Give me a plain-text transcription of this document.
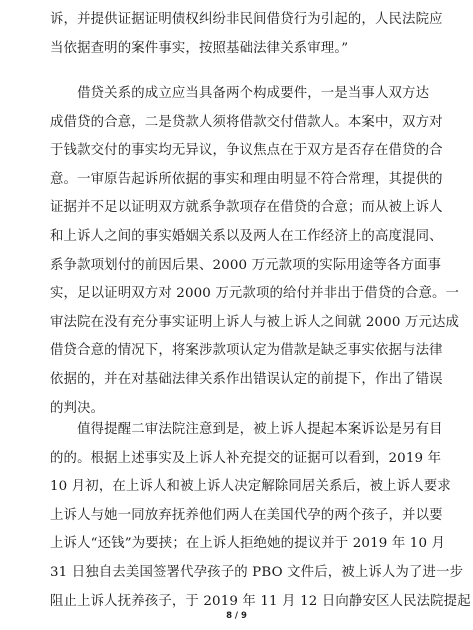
诉，并提供证据证明债权纠纷非民间借贷行为引起的，人民法院应
当依据查明的案件事实，按照基础法律关系审理。”
　　借贷关系的成立应当具备两个构成要件，一是当事人双方达
成借贷的合意，二是贷款人须将借款交付借款人。本案中，双方对
于钱款交付的事实均无异议，争议焦点在于双方是否存在借贷的合
意。一审原告起诉所依据的事实和理由明显不符合常理，其提供的
证据并不足以证明双方就系争款项存在借贷的合意；而从被上诉人
和上诉人之间的事实婚姻关系以及两人在工作经济上的高度混同、
系争款项划付的前因后果、2000 万元款项的实际用途等各方面事
实，足以证明双方对 2000 万元款项的给付并非出于借贷的合意。一
审法院在没有充分事实证明上诉人与被上诉人之间就 2000 万元达成
借贷合意的情况下，将案涉款项认定为借款是缺乏事实依据与法律
依据的，并在对基础法律关系作出错误认定的前提下，作出了错误
的判决。
　　值得提醒二审法院注意到是，被上诉人提起本案诉讼是另有目
的的。根据上述事实及上诉人补充提交的证据可以看到，2019 年
10 月初，在上诉人和被上诉人决定解除同居关系后，被上诉人要求
上诉人与她一同放弃抚养他们两人在美国代孕的两个孩子，并以要
上诉人“还钱”为要挟；在上诉人拒绝她的提议并于 2019 年 10 月
31 日独自去美国签署代孕孩子的 PBO 文件后，被上诉人为了进一步
阻止上诉人抚养孩子，于 2019 年 11 月 12 日向静安区人民法院提起
8 / 9
